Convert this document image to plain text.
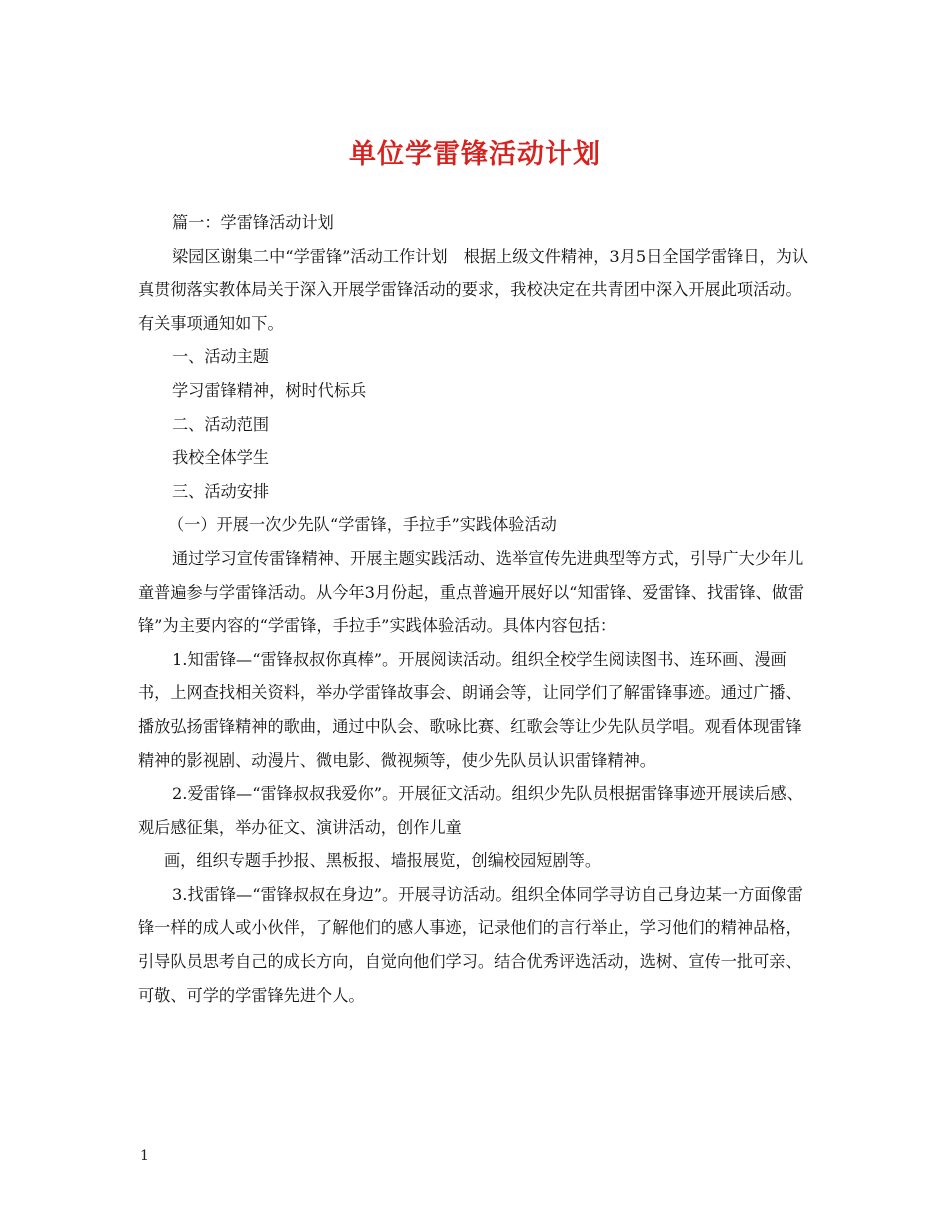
单位学雷锋活动计划

篇一：学雷锋活动计划

梁园区谢集二中“学雷锋”活动工作计划　根据上级文件精神，3月5日全国学雷锋日，为认真贯彻落实教体局关于深入开展学雷锋活动的要求，我校决定在共青团中深入开展此项活动。有关事项通知如下。

一、活动主题

学习雷锋精神，树时代标兵

二、活动范围

我校全体学生

三、活动安排

（一）开展一次少先队“学雷锋，手拉手”实践体验活动

通过学习宣传雷锋精神、开展主题实践活动、选举宣传先进典型等方式，引导广大少年儿童普遍参与学雷锋活动。从今年3月份起，重点普遍开展好以“知雷锋、爱雷锋、找雷锋、做雷锋”为主要内容的“学雷锋，手拉手”实践体验活动。具体内容包括：

1.知雷锋—“雷锋叔叔你真棒”。开展阅读活动。组织全校学生阅读图书、连环画、漫画书，上网查找相关资料，举办学雷锋故事会、朗诵会等，让同学们了解雷锋事迹。通过广播、播放弘扬雷锋精神的歌曲，通过中队会、歌咏比赛、红歌会等让少先队员学唱。观看体现雷锋精神的影视剧、动漫片、微电影、微视频等，使少先队员认识雷锋精神。

2.爱雷锋—“雷锋叔叔我爱你”。开展征文活动。组织少先队员根据雷锋事迹开展读后感、观后感征集，举办征文、演讲活动，创作儿童

画，组织专题手抄报、黑板报、墙报展览，创编校园短剧等。

3.找雷锋—“雷锋叔叔在身边”。开展寻访活动。组织全体同学寻访自己身边某一方面像雷锋一样的成人或小伙伴，了解他们的感人事迹，记录他们的言行举止，学习他们的精神品格，引导队员思考自己的成长方向，自觉向他们学习。结合优秀评选活动，选树、宣传一批可亲、可敬、可学的学雷锋先进个人。

1
